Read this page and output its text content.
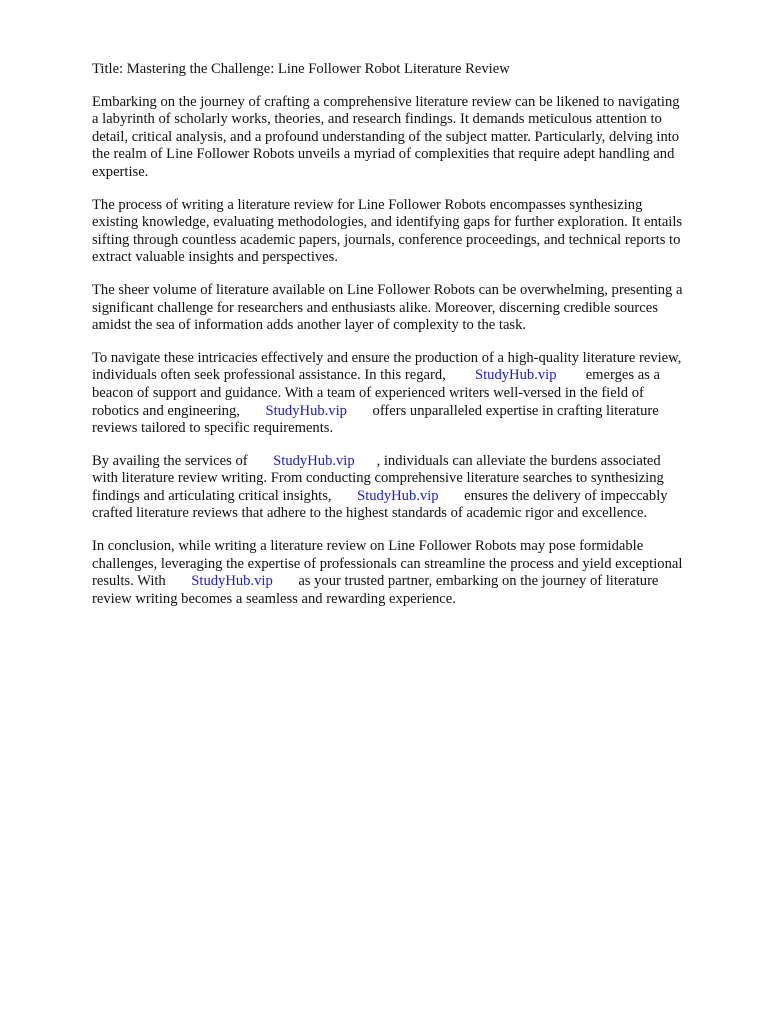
Title: Mastering the Challenge: Line Follower Robot Literature Review
Embarking on the journey of crafting a comprehensive literature review can be likened to navigating
a labyrinth of scholarly works, theories, and research findings. It demands meticulous attention to
detail, critical analysis, and a profound understanding of the subject matter. Particularly, delving into
the realm of Line Follower Robots unveils a myriad of complexities that require adept handling and
expertise.
The process of writing a literature review for Line Follower Robots encompasses synthesizing
existing knowledge, evaluating methodologies, and identifying gaps for further exploration. It entails
sifting through countless academic papers, journals, conference proceedings, and technical reports to
extract valuable insights and perspectives.
The sheer volume of literature available on Line Follower Robots can be overwhelming, presenting a
significant challenge for researchers and enthusiasts alike. Moreover, discerning credible sources
amidst the sea of information adds another layer of complexity to the task.
To navigate these intricacies effectively and ensure the production of a high-quality literature review,
individuals often seek professional assistance. In this regard, StudyHub.vip emerges as a
beacon of support and guidance. With a team of experienced writers well-versed in the field of
robotics and engineering, StudyHub.vip offers unparalleled expertise in crafting literature
reviews tailored to specific requirements.
By availing the services of StudyHub.vip , individuals can alleviate the burdens associated
with literature review writing. From conducting comprehensive literature searches to synthesizing
findings and articulating critical insights, StudyHub.vip ensures the delivery of impeccably
crafted literature reviews that adhere to the highest standards of academic rigor and excellence.
In conclusion, while writing a literature review on Line Follower Robots may pose formidable
challenges, leveraging the expertise of professionals can streamline the process and yield exceptional
results. With StudyHub.vip as your trusted partner, embarking on the journey of literature
review writing becomes a seamless and rewarding experience.
